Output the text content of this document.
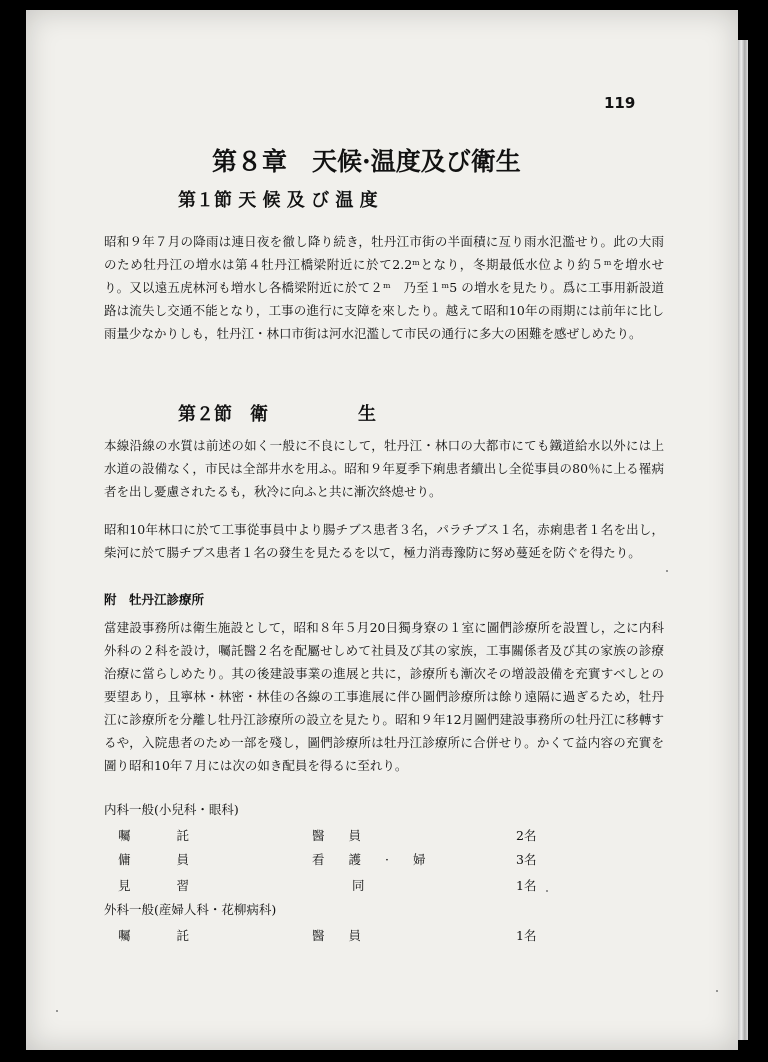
119
第８章　天候·温度及び衛生
第１節 天 候 及 び 温 度
昭和９年７月の降雨は連日夜を徹し降り続き，牡丹江市街の半面積に亙り雨水氾濫せり。此の大雨のため牡丹江の増水は第４牡丹江橋梁附近に於て2.2ᵐとなり，冬期最低水位より約５ᵐを増水せり。又以遠五虎林河も増水し各橋梁附近に於て２ᵐ　乃至１ᵐ5 の増水を見たり。爲に工事用新設道路は流失し交通不能となり，工事の進行に支障を來したり。越えて昭和10年の雨期には前年に比し雨量少なかりしも，牡丹江・林口市街は河水氾濫して市民の通行に多大の困難を感ぜしめたり。
第２節　衛　　　　　生
本線沿線の水質は前述の如く一般に不良にして，牡丹江・林口の大都市にても鐵道給水以外には上水道の設備なく，市民は全部井水を用ふ。昭和９年夏季下痢患者續出し全從事員の80％に上る罹病者を出し憂慮されたるも，秋冷に向ふと共に漸次終熄せり。
昭和10年林口に於て工事從事員中より腸チブス患者３名，パラチブス１名，赤痢患者１名を出し，柴河に於て腸チブス患者１名の發生を見たるを以て，極力消毒豫防に努め蔓延を防ぐを得たり。
附　牡丹江診療所
當建設事務所は衛生施設として，昭和８年５月20日獨身寮の１室に圖們診療所を設置し，之に内科外科の２科を設け，囑託醫２名を配屬せしめて社員及び其の家族，工事關係者及び其の家族の診療治療に當らしめたり。其の後建設事業の進展と共に，診療所も漸次その增設設備を充實すべしとの要望あり，且寧林・林密・林佳の各線の工事進展に伴ひ圖們診療所は餘り遠隔に過ぎるため，牡丹江に診療所を分離し牡丹江診療所の設立を見たり。昭和９年12月圖們建設事務所の牡丹江に移轉するや，入院患者のため一部を殘し，圖們診療所は牡丹江診療所に合併せり。かくて益内容の充實を圖り昭和10年７月には次の如き配員を得るに至れり。
内科一般(小兒科・眼科)
囑託	醫員	2名
傭員	看護·婦	3名
見習	同	1名
外科一般(産婦人科・花柳病科)
囑託	醫員	1名
